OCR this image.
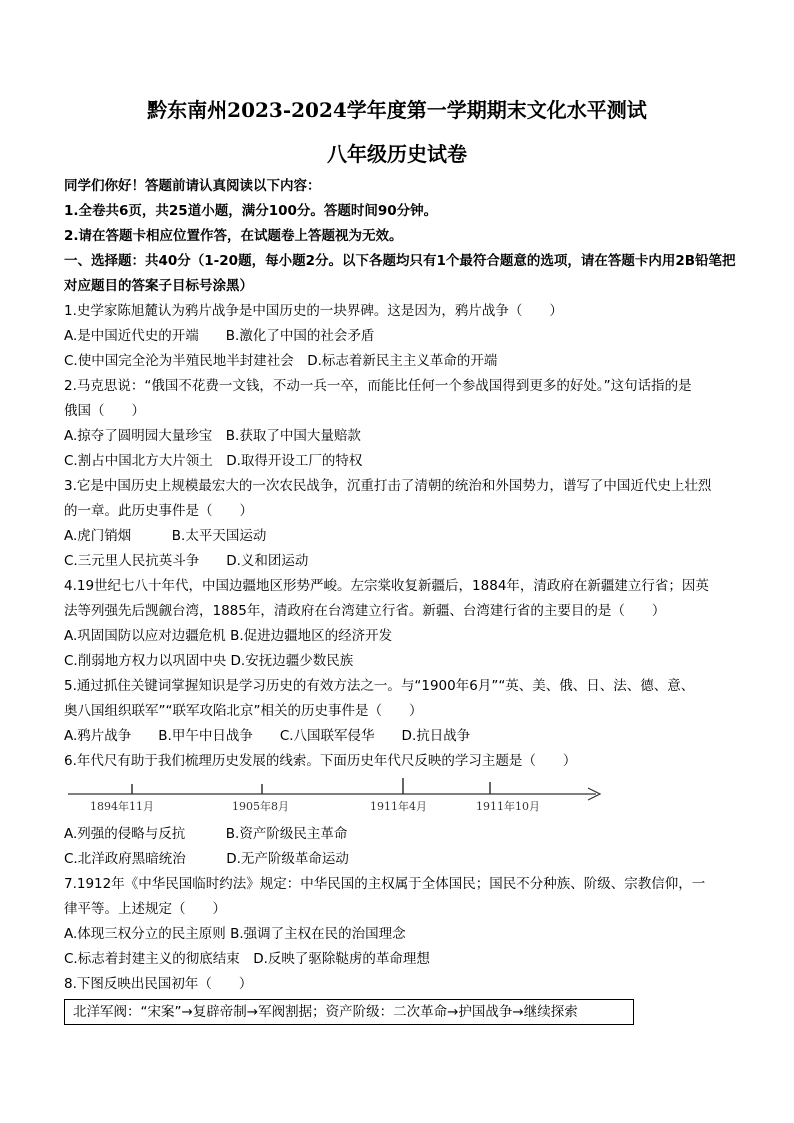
黔东南州2023-2024学年度第一学期期末文化水平测试
八年级历史试卷
同学们你好！答题前请认真阅读以下内容：
1.全卷共6页，共25道小题，满分100分。答题时间90分钟。
2.请在答题卡相应位置作答，在试题卷上答题视为无效。
一、选择题：共40分（1-20题，每小题2分。以下各题均只有1个最符合题意的选项，请在答题卡内用2B铅笔把对应题目的答案子目标号涂黑）
1.史学家陈旭麓认为鸦片战争是中国历史的一块界碑。这是因为，鸦片战争（　　）
A.是中国近代史的开端　　B.激化了中国的社会矛盾
C.使中国完全沦为半殖民地半封建社会　D.标志着新民主主义革命的开端
2.马克思说：“俄国不花费一文钱，不动一兵一卒，而能比任何一个参战国得到更多的好处。”这句话指的是
俄国（　　）
A.掠夺了圆明园大量珍宝　B.获取了中国大量赔款
C.割占中国北方大片领土　D.取得开设工厂的特权
3.它是中国历史上规模最宏大的一次农民战争，沉重打击了清朝的统治和外国势力，谱写了中国近代史上壮烈
的一章。此历史事件是（　　）
A.虎门销烟　　　B.太平天国运动
C.三元里人民抗英斗争　　D.义和团运动
4.19世纪七八十年代，中国边疆地区形势严峻。左宗棠收复新疆后，1884年，清政府在新疆建立行省；因英
法等列强先后觊觎台湾，1885年，清政府在台湾建立行省。新疆、台湾建行省的主要目的是（　　）
A.巩固国防以应对边疆危机 B.促进边疆地区的经济开发
C.削弱地方权力以巩固中央 D.安抚边疆少数民族
5.通过抓住关键词掌握知识是学习历史的有效方法之一。与“1900年6月”“英、美、俄、日、法、德、意、
奥八国组织联军”“联军攻陷北京”相关的历史事件是（　　）
A.鸦片战争　　B.甲午中日战争　　C.八国联军侵华　　D.抗日战争
6.年代尺有助于我们梳理历史发展的线索。下面历史年代尺反映的学习主题是（　　）
1894年11月	1905年8月	1911年4月	1911年10月
A.列强的侵略与反抗　　　B.资产阶级民主革命
C.北洋政府黑暗统治　　　D.无产阶级革命运动
7.1912年《中华民国临时约法》规定：中华民国的主权属于全体国民；国民不分种族、阶级、宗教信仰，一
律平等。上述规定（　　）
A.体现三权分立的民主原则 B.强调了主权在民的治国理念
C.标志着封建主义的彻底结束　D.反映了驱除鞑虏的革命理想
8.下图反映出民国初年（　　）
北洋军阀：“宋案”→复辟帝制→军阀割据；资产阶级：二次革命→护国战争→继续探索
